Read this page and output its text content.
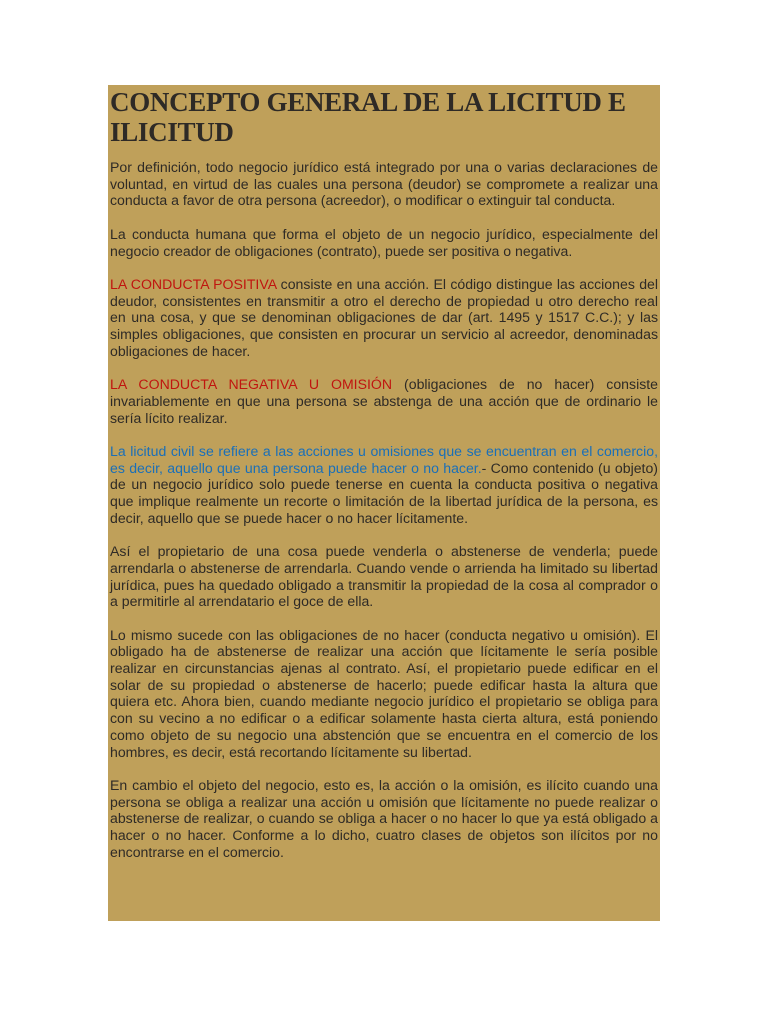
CONCEPTO GENERAL DE LA LICITUD E ILICITUD

Por definición, todo negocio jurídico está integrado por una o varias declaraciones de voluntad, en virtud de las cuales una persona (deudor) se compromete a realizar una conducta a favor de otra persona (acreedor), o modificar o extinguir tal conducta.

La conducta humana que forma el objeto de un negocio jurídico, especialmente del negocio creador de obligaciones (contrato), puede ser positiva o negativa.

LA CONDUCTA POSITIVA consiste en una acción. El código distingue las acciones del deudor, consistentes en transmitir a otro el derecho de propiedad u otro derecho real en una cosa, y que se denominan obligaciones de dar (art. 1495 y 1517 C.C.); y las simples obligaciones, que consisten en procurar un servicio al acreedor, denominadas obligaciones de hacer.

LA CONDUCTA NEGATIVA U OMISIÓN (obligaciones de no hacer) consiste invariablemente en que una persona se abstenga de una acción que de ordinario le sería lícito realizar.

La licitud civil se refiere a las acciones u omisiones que se encuentran en el comercio, es decir, aquello que una persona puede hacer o no hacer.- Como contenido (u objeto) de un negocio jurídico solo puede tenerse en cuenta la conducta positiva o negativa que implique realmente un recorte o limitación de la libertad jurídica de la persona, es decir, aquello que se puede hacer o no hacer lícitamente.

Así el propietario de una cosa puede venderla o abstenerse de venderla; puede arrendarla o abstenerse de arrendarla. Cuando vende o arrienda ha limitado su libertad jurídica, pues ha quedado obligado a transmitir la propiedad de la cosa al comprador o a permitirle al arrendatario el goce de ella.

Lo mismo sucede con las obligaciones de no hacer (conducta negativo u omisión). El obligado ha de abstenerse de realizar una acción que lícitamente le sería posible realizar en circunstancias ajenas al contrato. Así, el propietario puede edificar en el solar de su propiedad o abstenerse de hacerlo; puede edificar hasta la altura que quiera etc. Ahora bien, cuando mediante negocio jurídico el propietario se obliga para con su vecino a no edificar o a edificar solamente hasta cierta altura, está poniendo como objeto de su negocio una abstención que se encuentra en el comercio de los hombres, es decir, está recortando lícitamente su libertad.

En cambio el objeto del negocio, esto es, la acción o la omisión, es ilícito cuando una persona se obliga a realizar una acción u omisión que lícitamente no puede realizar o abstenerse de realizar, o cuando se obliga a hacer o no hacer lo que ya está obligado a hacer o no hacer. Conforme a lo dicho, cuatro clases de objetos son ilícitos por no encontrarse en el comercio.
